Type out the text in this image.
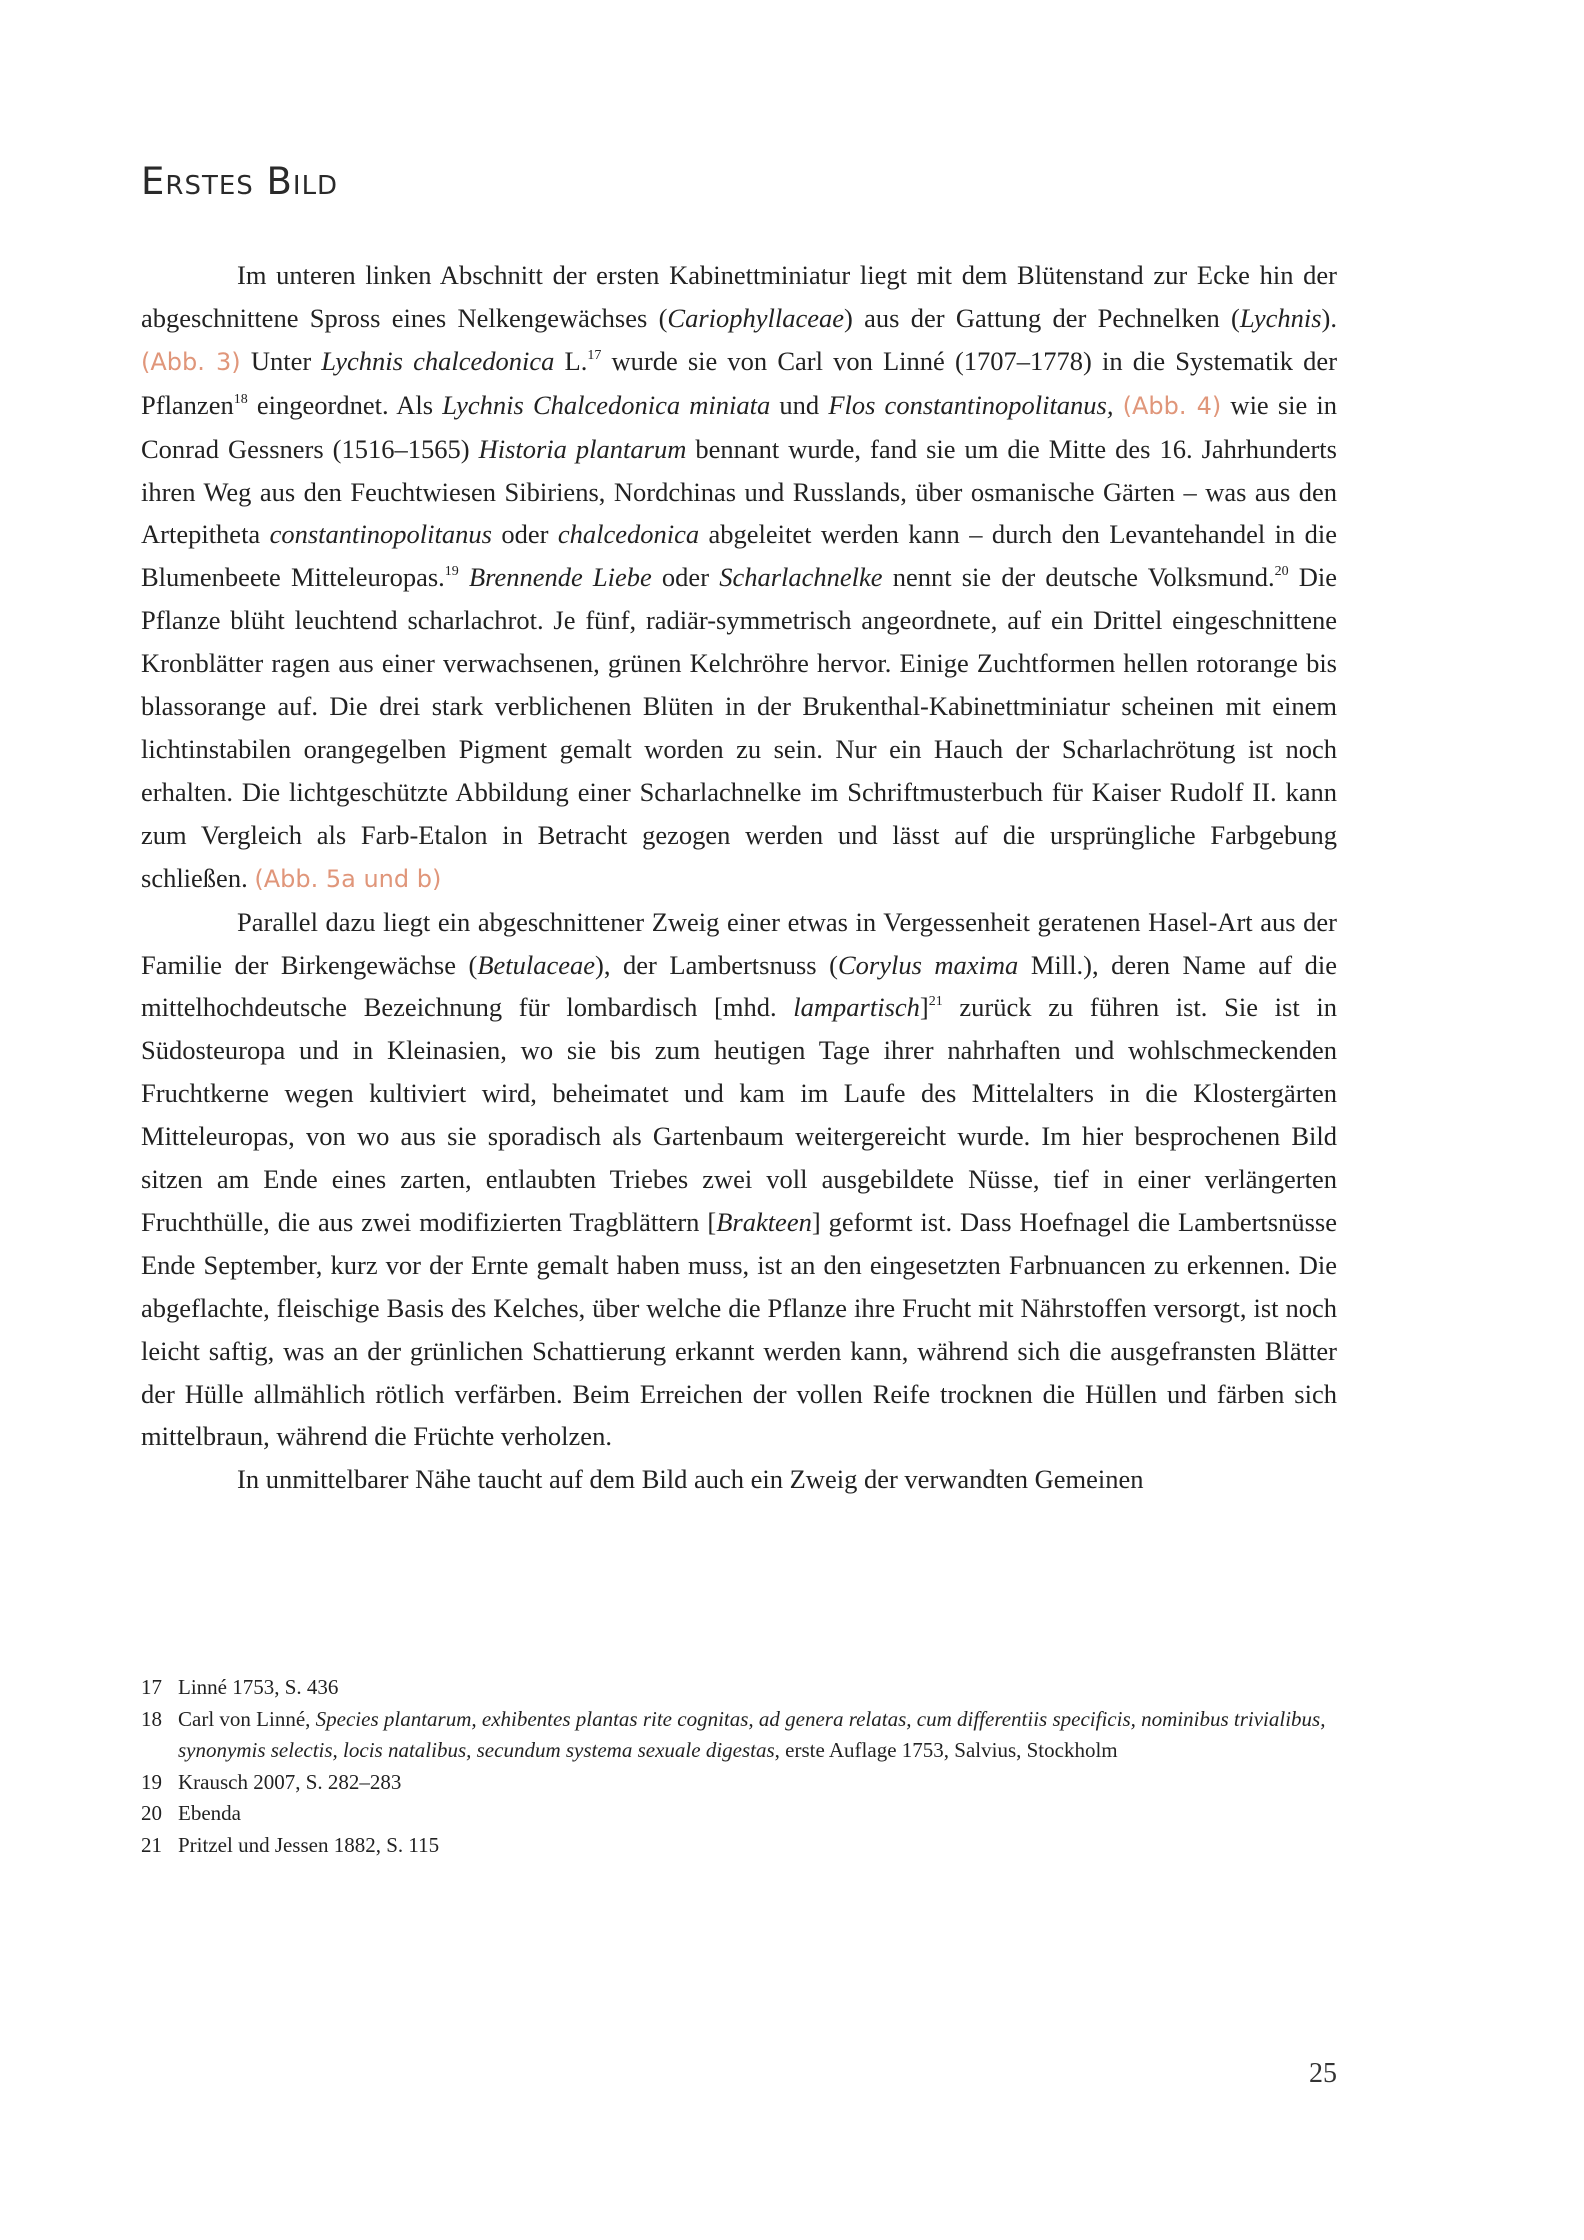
Erstes Bild

Im unteren linken Abschnitt der ersten Kabinettminiatur liegt mit dem Blütenstand zur Ecke hin der abgeschnittene Spross eines Nelkengewächses (Cariophyllaceae) aus der Gattung der Pechnelken (Lychnis). (Abb. 3) Unter Lychnis chalcedonica L.$^{17}$ wurde sie von Carl von Linné (1707–1778) in die Systematik der Pflanzen$^{18}$ eingeordnet. Als Lychnis Chalcedonica miniata und Flos constantinopolitanus, (Abb. 4) wie sie in Conrad Gessners (1516–1565) Historia plantarum bennant wurde, fand sie um die Mitte des 16. Jahrhunderts ihren Weg aus den Feuchtwiesen Sibiriens, Nordchinas und Russlands, über osmanische Gärten – was aus den Artepitheta constantinopolitanus oder chalcedonica abgeleitet werden kann – durch den Levantehandel in die Blumenbeete Mitteleuropas.$^{19}$ Brennende Liebe oder Scharlachnelke nennt sie der deutsche Volksmund.$^{20}$ Die Pflanze blüht leuchtend scharlachrot. Je fünf, radiär-symmetrisch angeordnete, auf ein Drittel eingeschnittene Kronblätter ragen aus einer verwachsenen, grünen Kelchröhre hervor. Einige Zuchtformen hellen rotorange bis blassorange auf. Die drei stark verblichenen Blüten in der Brukenthal-Kabinettminiatur scheinen mit einem lichtinstabilen orangegelben Pigment gemalt worden zu sein. Nur ein Hauch der Scharlachrötung ist noch erhalten. Die lichtgeschützte Abbildung einer Scharlachnelke im Schriftmusterbuch für Kaiser Rudolf II. kann zum Vergleich als Farb-Etalon in Betracht gezogen werden und lässt auf die ursprüngliche Farbgebung schließen. (Abb. 5a und b)

Parallel dazu liegt ein abgeschnittener Zweig einer etwas in Vergessenheit geratenen Hasel-Art aus der Familie der Birkengewächse (Betulaceae), der Lambertsnuss (Corylus maxima Mill.), deren Name auf die mittelhochdeutsche Bezeichnung für lombardisch [mhd. lampartisch]$^{21}$ zurück zu führen ist. Sie ist in Südosteuropa und in Kleinasien, wo sie bis zum heutigen Tage ihrer nahrhaften und wohlschmeckenden Fruchtkerne wegen kultiviert wird, beheimatet und kam im Laufe des Mittelalters in die Klostergärten Mitteleuropas, von wo aus sie sporadisch als Gartenbaum weitergereicht wurde. Im hier besprochenen Bild sitzen am Ende eines zarten, entlaubten Triebes zwei voll ausgebildete Nüsse, tief in einer verlängerten Fruchthülle, die aus zwei modifizierten Tragblättern [Brakteen] geformt ist. Dass Hoefnagel die Lambertsnüsse Ende September, kurz vor der Ernte gemalt haben muss, ist an den eingesetzten Farbnuancen zu erkennen. Die abgeflachte, fleischige Basis des Kelches, über welche die Pflanze ihre Frucht mit Nährstoffen versorgt, ist noch leicht saftig, was an der grünlichen Schattierung erkannt werden kann, während sich die ausgefransten Blätter der Hülle allmählich rötlich verfärben. Beim Erreichen der vollen Reife trocknen die Hüllen und färben sich mittelbraun, während die Früchte verholzen.

In unmittelbarer Nähe taucht auf dem Bild auch ein Zweig der verwandten Gemeinen

17 Linné 1753, S. 436
18 Carl von Linné, Species plantarum, exhibentes plantas rite cognitas, ad genera relatas, cum differentiis specificis, nominibus trivialibus, synonymis selectis, locis natalibus, secundum systema sexuale digestas, erste Auflage 1753, Salvius, Stockholm
19 Krausch 2007, S. 282–283
20 Ebenda
21 Pritzel und Jessen 1882, S. 115
25
